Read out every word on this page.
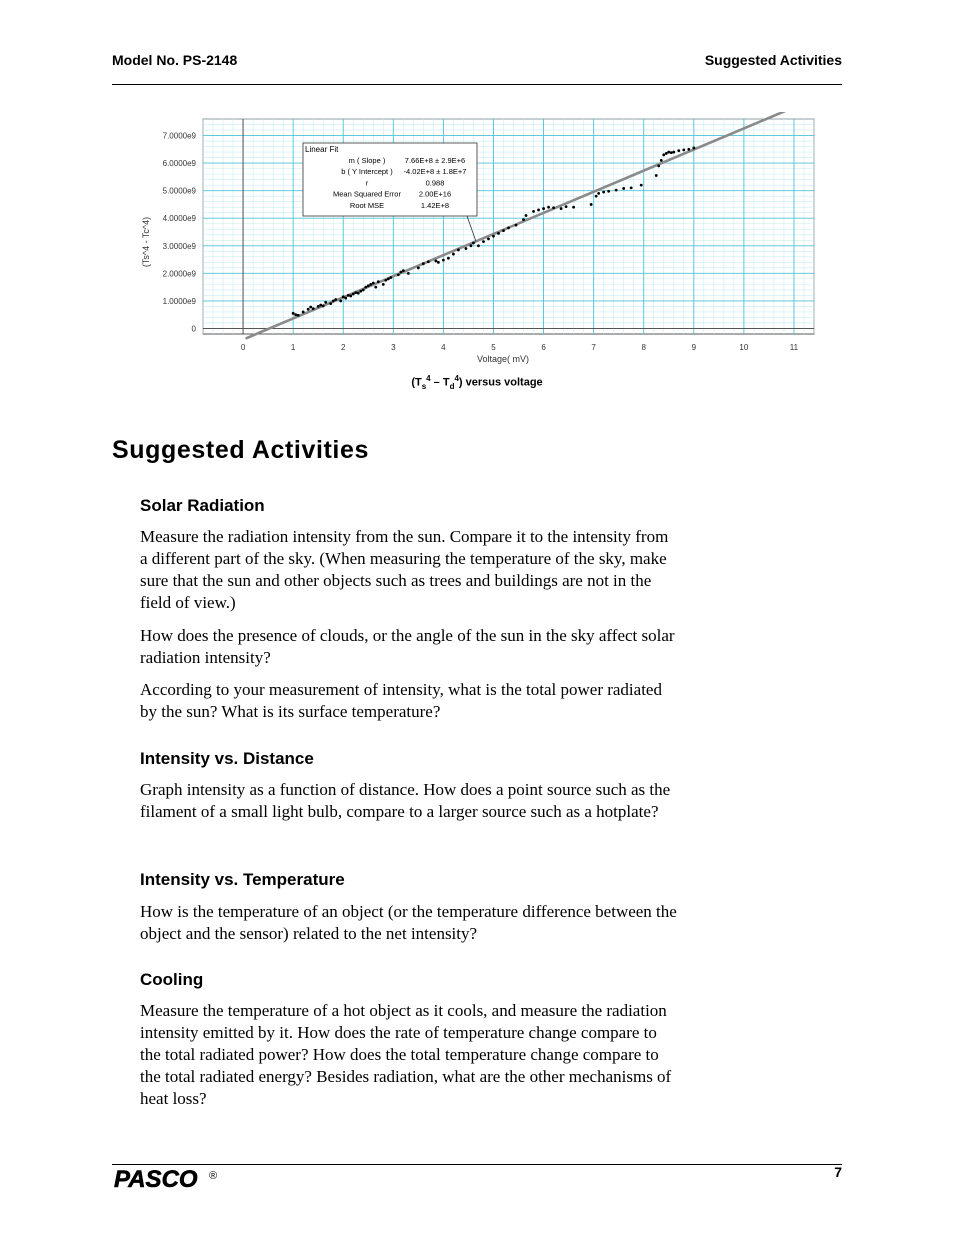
Model No. PS-2148	Suggested Activities
0	1	2	3	4	5	6	7	8	9	10	11
0
1.0000e9
2.0000e9
3.0000e9
4.0000e9
5.0000e9
6.0000e9
7.0000e9
Linear Fit
m ( Slope )	7.66E+8 ± 2.9E+6
b ( Y Intercept ) -4.02E+8 ± 1.8E+7
r	0.988
Mean Squared Error 2.00E+16
Root MSE	1.42E+8
Voltage( mV)
(Ts^4 - Tc^4)
$(T_s^4 - T_d^4)$ versus voltage
Suggested Activities
Solar Radiation
Measure the radiation intensity from the sun. Compare it to the intensity from a different part of the sky. (When measuring the temperature of the sky, make sure that the sun and other objects such as trees and buildings are not in the field of view.)
How does the presence of clouds, or the angle of the sun in the sky affect solar radiation intensity?
According to your measurement of intensity, what is the total power radiated by the sun? What is its surface temperature?
Intensity vs. Distance
Graph intensity as a function of distance. How does a point source such as the filament of a small light bulb, compare to a larger source such as a hotplate?
Intensity vs. Temperature
How is the temperature of an object (or the temperature difference between the object and the sensor) related to the net intensity?
Cooling
Measure the temperature of a hot object as it cools, and measure the radiation intensity emitted by it. How does the rate of temperature change compare to the total radiated power? How does the total temperature change compare to the total radiated energy? Besides radiation, what are the other mechanisms of heat loss?
PASCO ®	7
